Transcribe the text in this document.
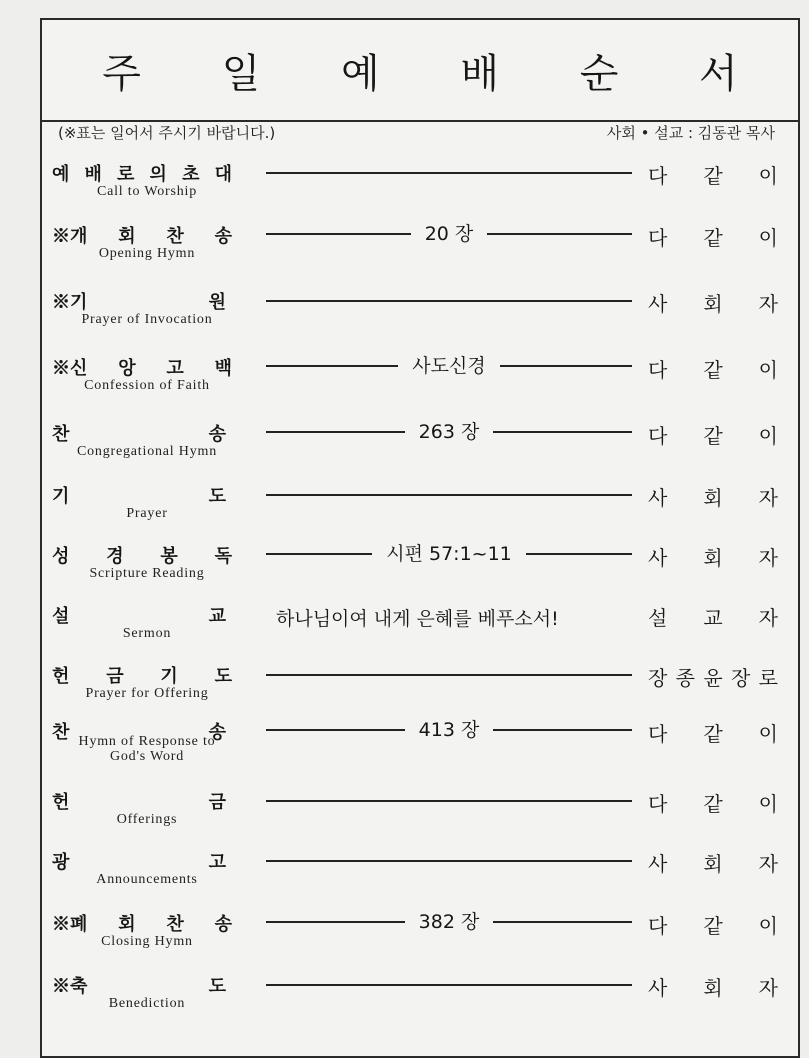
주 일 예 배 순 서
(※표는 일어서 주시기 바랍니다.)	사회 • 설교 : 김동관 목사
예 배 로 의 초 대
Call to Worship
다 같 이
※개 회 찬 송
Opening Hymn
20 장	다 같 이
※기	원
Prayer of Invocation
사 회 자
※신 앙 고 백
Confession of Faith
사도신경	다 같 이
찬	송
Congregational Hymn
263 장	다 같 이
기	도
Prayer
사 회 자
성 경 봉 독
Scripture Reading
시편 57:1~11	사 회 자
설	교
Sermon
하나님이여 내게 은혜를 베푸소서!	설 교 자
헌 금 기 도
Prayer for Offering
장 종 윤 장 로
찬	송
Hymn of Response to God's Word
413 장	다 같 이
헌	금
Offerings
다 같 이
광	고
Announcements
사 회 자
※폐 회 찬 송
Closing Hymn
382 장	다 같 이
※축	도
Benediction
사 회 자
